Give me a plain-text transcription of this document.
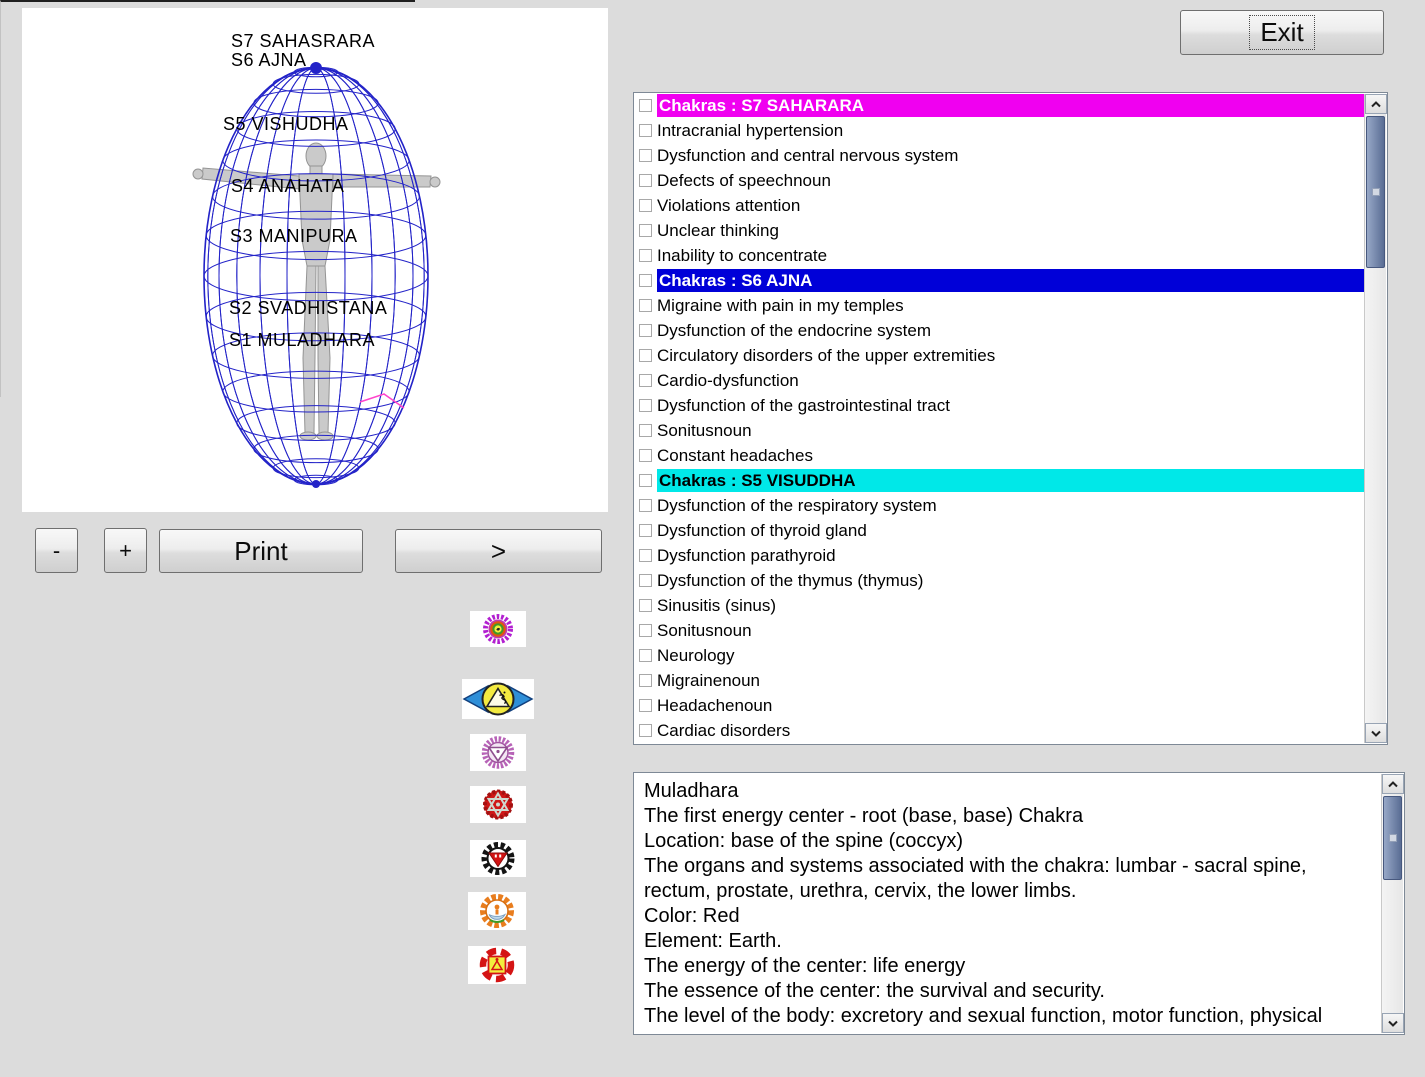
-	+	Print	>
Exit
S7 SAHASRARA
S6 AJNA
S5 VISHUDHA
S4 ANAHATA
S3 MANIPURA
S2 SVADHISTANA
S1 MULADHARA
Chakras : S7 SAHARARA
Intracranial hypertension
Dysfunction and central nervous system
Defects of speechnoun
Violations attention
Unclear thinking
Inability to concentrate
Chakras : S6 AJNA
Migraine with pain in my temples
Dysfunction of the endocrine system
Circulatory disorders of the upper extremities
Cardio-dysfunction
Dysfunction of the gastrointestinal tract
Sonitusnoun
Constant headaches
Chakras : S5 VISUDDHA
Dysfunction of the respiratory system
Dysfunction of thyroid gland
Dysfunction parathyroid
Dysfunction of the thymus (thymus)
Sinusitis (sinus)
Sonitusnoun
Neurology
Migrainenoun
Headachenoun
Cardiac disorders
Muladhara
The first energy center - root (base, base) Chakra
Location: base of the spine (coccyx)
The organs and systems associated with the chakra: lumbar - sacral spine,
rectum, prostate, urethra, cervix, the lower limbs.
Color: Red
Element: Earth.
The energy of the center: life energy
The essence of the center: the survival and security.
The level of the body: excretory and sexual function, motor function, physical
